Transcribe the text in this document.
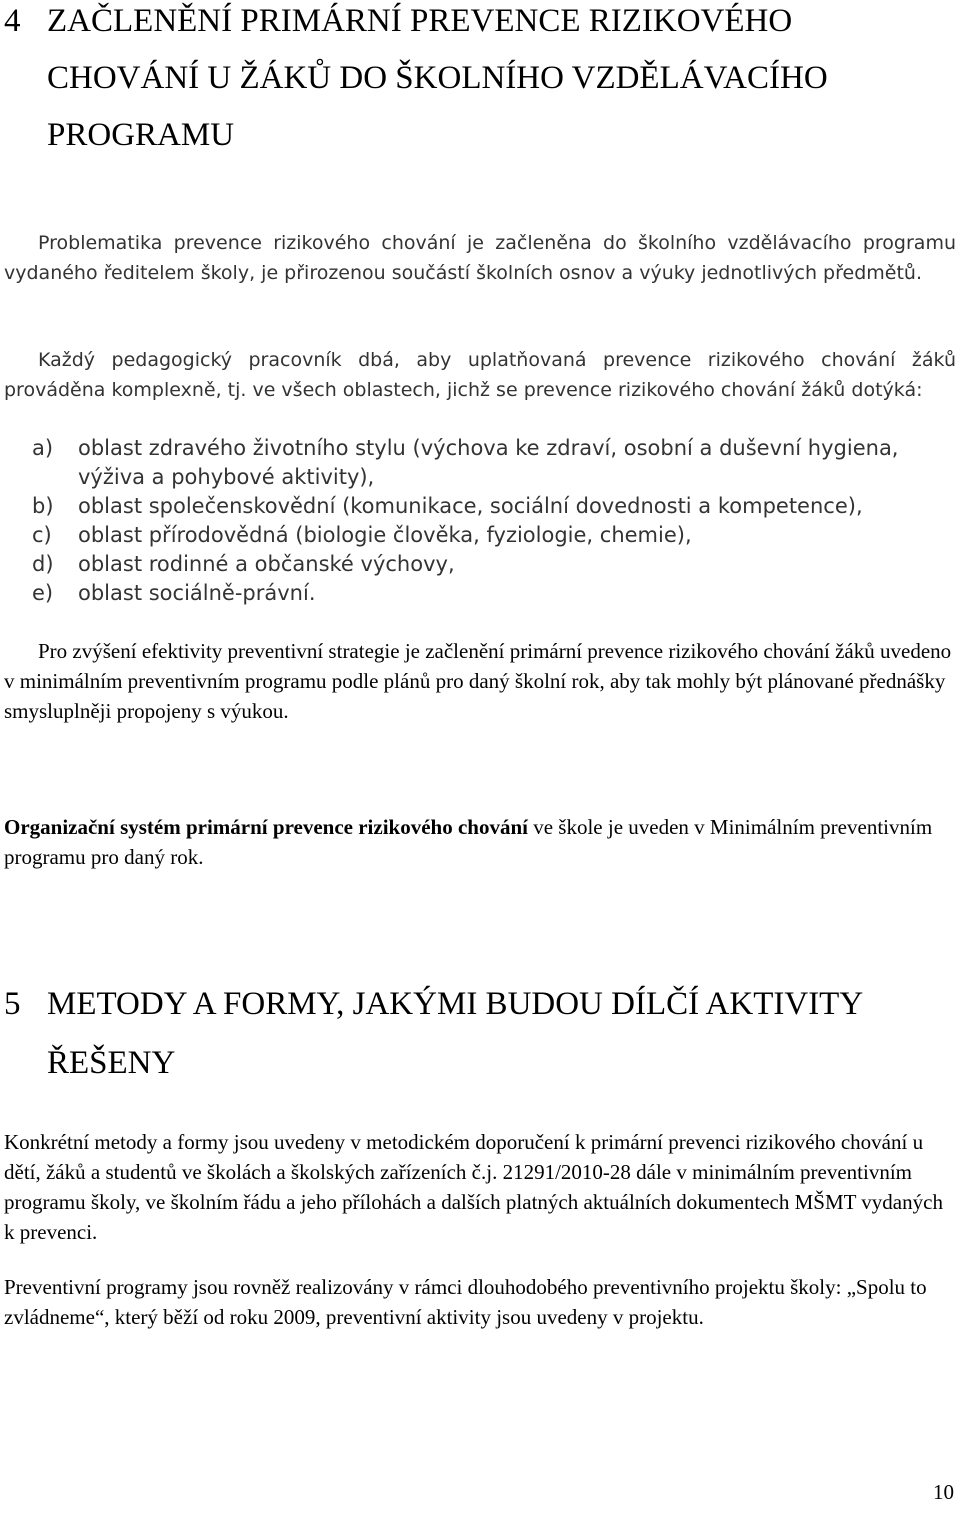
4 ZAČLENĚNÍ PRIMÁRNÍ PREVENCE RIZIKOVÉHO
CHOVÁNÍ U ŽÁKŮ DO ŠKOLNÍHO VZDĚLÁVACÍHO
PROGRAMU
Problematika prevence rizikového chování je začleněna do školního vzdělávacího programu vydaného ředitelem školy, je přirozenou součástí školních osnov a výuky jednotlivých předmětů.
Každý pedagogický pracovník dbá, aby uplatňovaná prevence rizikového chování žáků prováděna komplexně, tj. ve všech oblastech, jichž se prevence rizikového chování žáků dotýká:
a) oblast zdravého životního stylu (výchova ke zdraví, osobní a duševní hygiena, výživa a pohybové aktivity),
b) oblast společenskovědní (komunikace, sociální dovednosti a kompetence),
c) oblast přírodovědná (biologie člověka, fyziologie, chemie),
d) oblast rodinné a občanské výchovy,
e) oblast sociálně-právní.
Pro zvýšení efektivity preventivní strategie je začlenění primární prevence rizikového chování žáků uvedeno v minimálním preventivním programu podle plánů pro daný školní rok, aby tak mohly být plánované přednášky smysluplněji propojeny s výukou.
Organizační systém primární prevence rizikového chování ve škole je uveden v Minimálním preventivním programu pro daný rok.
5 METODY A FORMY, JAKÝMI BUDOU DÍLČÍ AKTIVITY
ŘEŠENY
Konkrétní metody a formy jsou uvedeny v metodickém doporučení k primární prevenci rizikového chování u dětí, žáků a studentů ve školách a školských zařízeních č.j. 21291/2010-28 dále v minimálním preventivním programu školy, ve školním řádu a jeho přílohách a dalších platných aktuálních dokumentech MŠMT vydaných k prevenci.
Preventivní programy jsou rovněž realizovány v rámci dlouhodobého preventivního projektu školy: „Spolu to zvládneme“, který běží od roku 2009, preventivní aktivity jsou uvedeny v projektu.
10
